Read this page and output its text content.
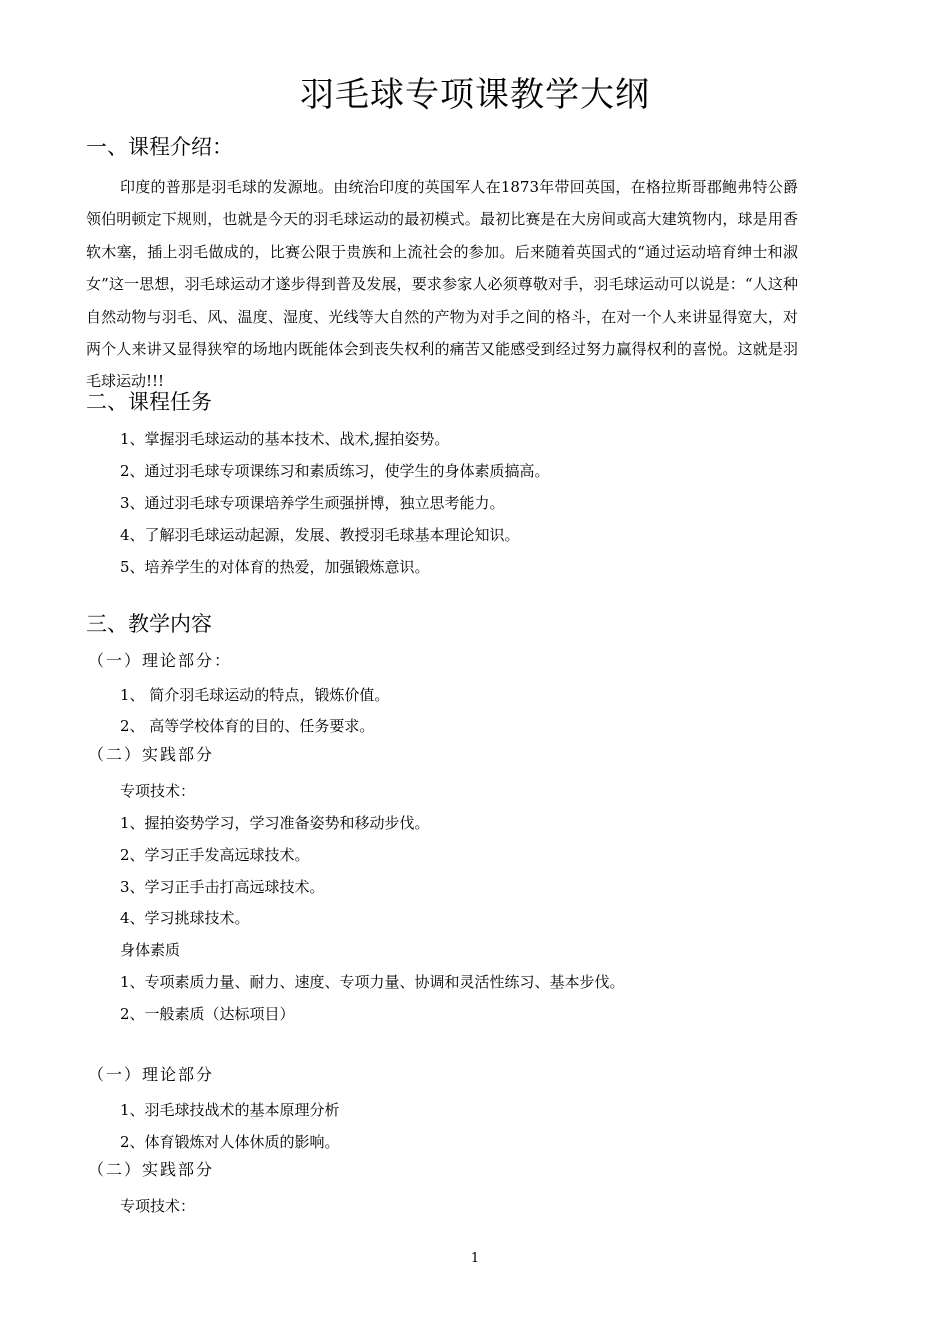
羽毛球专项课教学大纲
一、课程介绍：
印度的普那是羽毛球的发源地。由统治印度的英国军人在1873年带回英国，在格拉斯哥郡鲍弗特公爵领伯明顿定下规则，也就是今天的羽毛球运动的最初模式。最初比赛是在大房间或高大建筑物内，球是用香软木塞，插上羽毛做成的，比赛公限于贵族和上流社会的参加。后来随着英国式的“通过运动培育绅士和淑女”这一思想，羽毛球运动才遂步得到普及发展，要求参家人必须尊敬对手，羽毛球运动可以说是：“人这种自然动物与羽毛、风、温度、湿度、光线等大自然的产物为对手之间的格斗，在对一个人来讲显得宽大，对两个人来讲又显得狭窄的场地内既能体会到丧失权利的痛苦又能感受到经过努力赢得权利的喜悦。这就是羽毛球运动!!!
二、课程任务
1、掌握羽毛球运动的基本技术、战术,握拍姿势。
2、通过羽毛球专项课练习和素质练习，使学生的身体素质搞高。
3、通过羽毛球专项课培养学生顽强拼博，独立思考能力。
4、了解羽毛球运动起源，发展、教授羽毛球基本理论知识。
5、培养学生的对体育的热爱，加强锻炼意识。
三、教学内容
（一）理论部分：
1、 简介羽毛球运动的特点，锻炼价值。
2、 高等学校体育的目的、任务要求。
（二）实践部分
专项技术：
1、握拍姿势学习，学习准备姿势和移动步伐。
2、学习正手发高远球技术。
3、学习正手击打高远球技术。
4、学习挑球技术。
身体素质
1、专项素质力量、耐力、速度、专项力量、协调和灵活性练习、基本步伐。
2、一般素质（达标项目）
（一）理论部分
1、羽毛球技战术的基本原理分析
2、体育锻炼对人体休质的影响。
（二）实践部分
专项技术：
1
